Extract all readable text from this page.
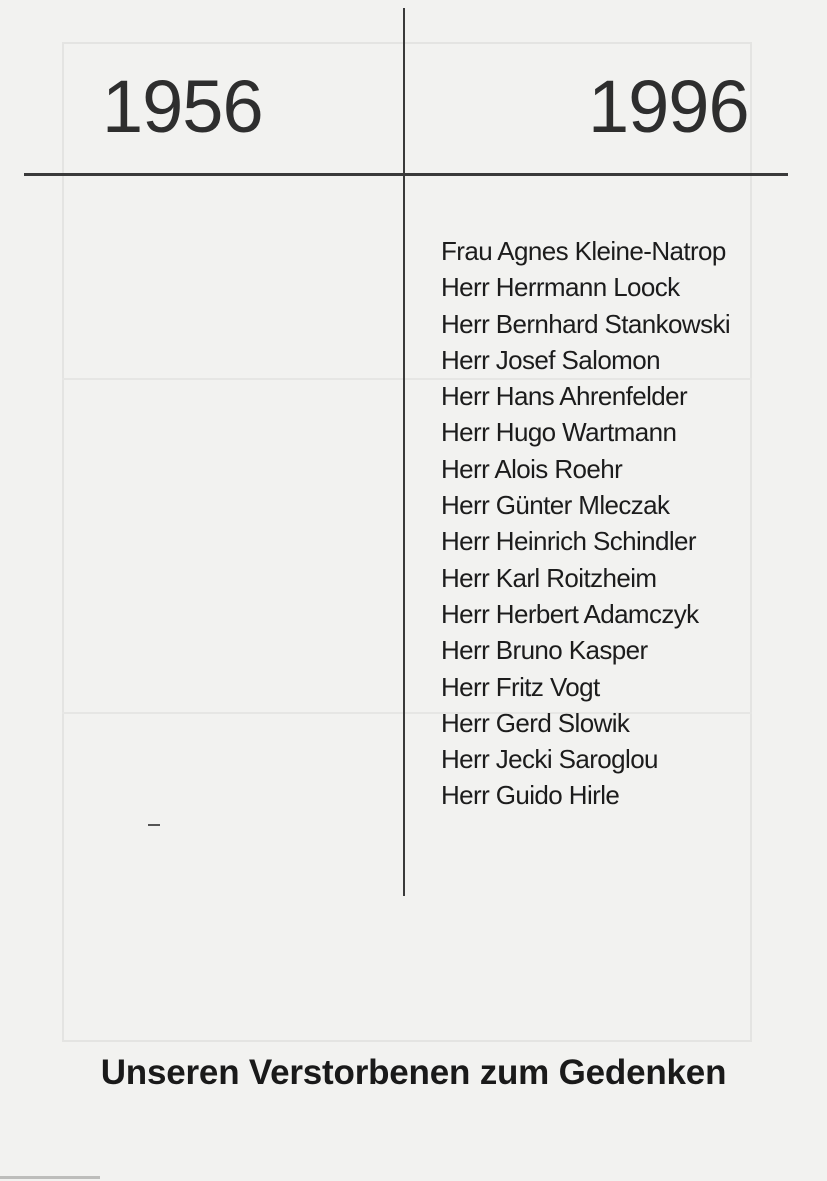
1956	1996
Frau Agnes Kleine-Natrop
Herr Herrmann Loock
Herr Bernhard Stankowski
Herr Josef Salomon
Herr Hans Ahrenfelder
Herr Hugo Wartmann
Herr Alois Roehr
Herr Günter Mleczak
Herr Heinrich Schindler
Herr Karl Roitzheim
Herr Herbert Adamczyk
Herr Bruno Kasper
Herr Fritz Vogt
Herr Gerd Slowik
Herr Jecki Saroglou
Herr Guido Hirle
Unseren Verstorbenen zum Gedenken
